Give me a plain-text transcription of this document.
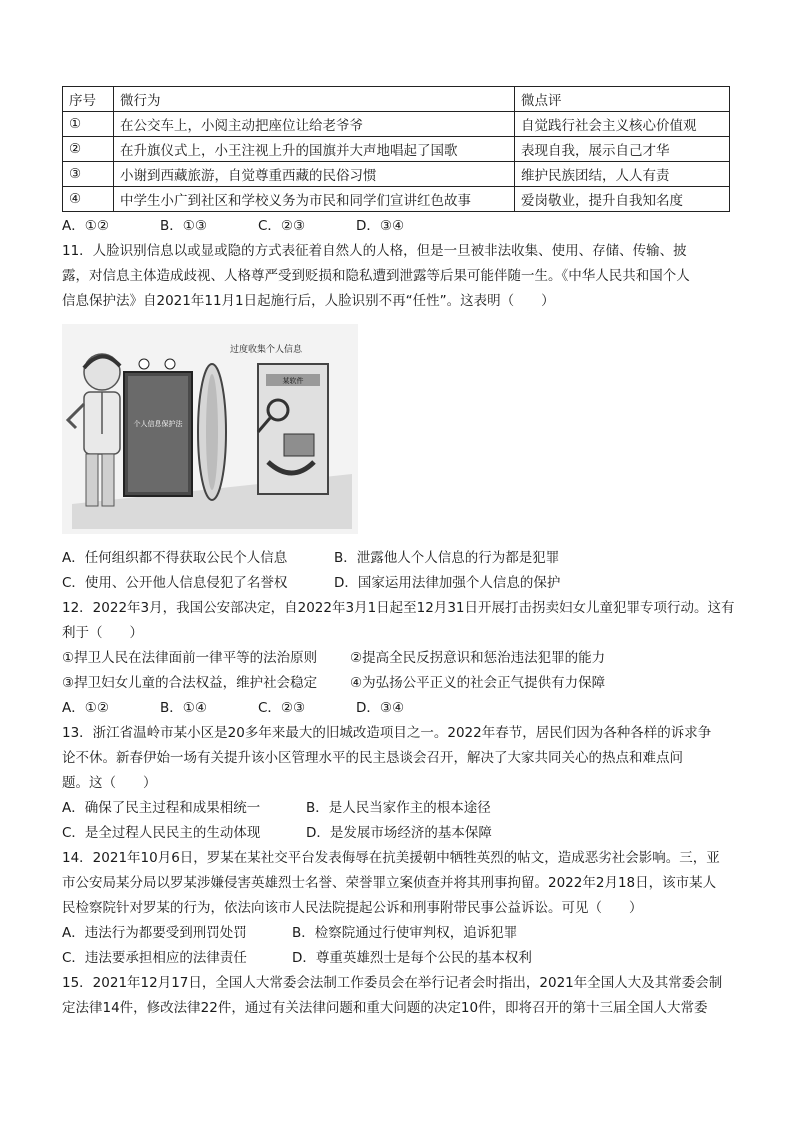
序号	微行为	微点评
①	在公交车上，小阅主动把座位让给老爷爷	自觉践行社会主义核心价值观
②	在升旗仪式上，小王注视上升的国旗并大声地唱起了国歌	表现自我，展示自己才华
③	小谢到西藏旅游，自觉尊重西藏的民俗习惯	维护民族团结，人人有责
④	中学生小广到社区和学校义务为市民和同学们宣讲红色故事	爱岗敬业，提升自我知名度
A．①②	B．①③	C．②③	D．③④
11．人脸识别信息以或显或隐的方式表征着自然人的人格，但是一旦被非法收集、使用、存储、传输、披
露，对信息主体造成歧视、人格尊严受到贬损和隐私遭到泄露等后果可能伴随一生。《中华人民共和国个人
信息保护法》自2021年11月1日起施行后，人脸识别不再“任性”。这表明（　　）
个人信息保护法
过度收集个人信息
某软件
A．任何组织都不得获取公民个人信息	B．泄露他人个人信息的行为都是犯罪
C．使用、公开他人信息侵犯了名誉权	D．国家运用法律加强个人信息的保护
12．2022年3月，我国公安部决定，自2022年3月1日起至12月31日开展打击拐卖妇女儿童犯罪专项行动。这有
利于（　　）
①捍卫人民在法律面前一律平等的法治原则	②提高全民反拐意识和惩治违法犯罪的能力
③捍卫妇女儿童的合法权益，维护社会稳定	④为弘扬公平正义的社会正气提供有力保障
A．①②	B．①④	C．②③	D．③④
13．浙江省温岭市某小区是20多年来最大的旧城改造项目之一。2022年春节，居民们因为各种各样的诉求争
论不休。新春伊始一场有关提升该小区管理水平的民主恳谈会召开，解决了大家共同关心的热点和难点问
题。这（　　）
A．确保了民主过程和成果相统一	B．是人民当家作主的根本途径
C．是全过程人民民主的生动体现	D．是发展市场经济的基本保障
14．2021年10月6日，罗某在某社交平台发表侮辱在抗美援朝中牺牲英烈的帖文，造成恶劣社会影响。三，亚
市公安局某分局以罗某涉嫌侵害英雄烈士名誉、荣誉罪立案侦查并将其刑事拘留。2022年2月18日，该市某人
民检察院针对罗某的行为，依法向该市人民法院提起公诉和刑事附带民事公益诉讼。可见（　　）
A．违法行为都要受到刑罚处罚	B．检察院通过行使审判权，追诉犯罪
C．违法要承担相应的法律责任	D．尊重英雄烈士是每个公民的基本权利
15．2021年12月17日，全国人大常委会法制工作委员会在举行记者会时指出，2021年全国人大及其常委会制
定法律14件，修改法律22件，通过有关法律问题和重大问题的决定10件，即将召开的第十三届全国人大常委
